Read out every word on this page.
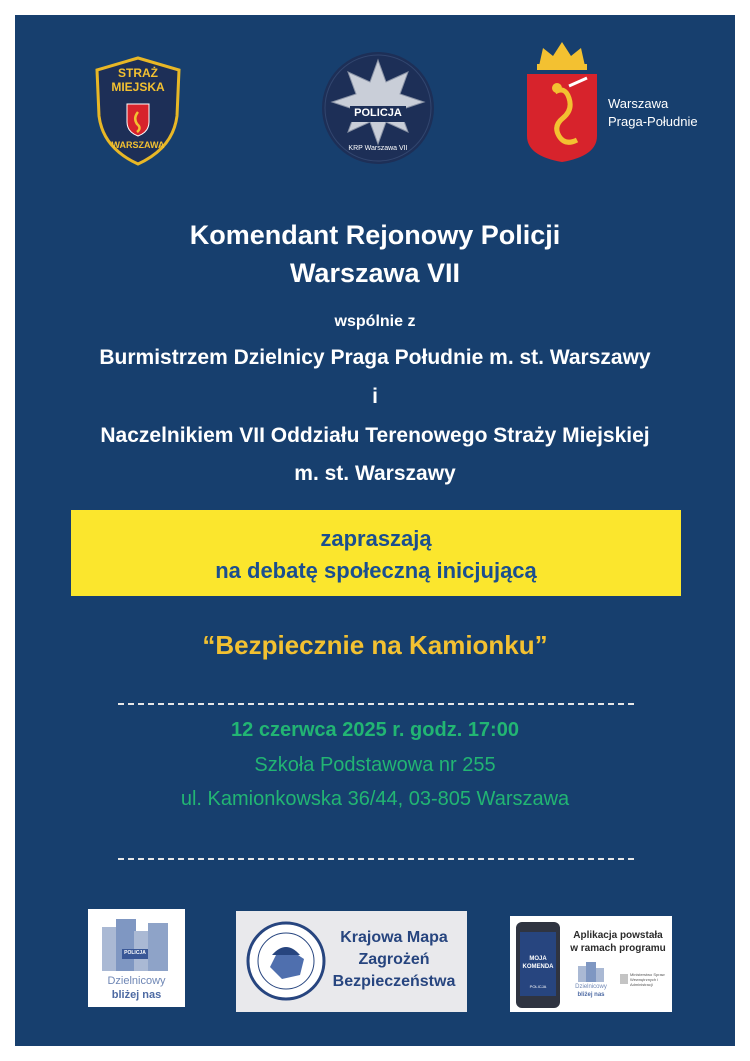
STRAŻ
MIEJSKA
WARSZAWA
POLICJA
KRP Warszawa VII
Warszawa
Praga-Południe
Komendant Rejonowy Policji
Warszawa VII
wspólnie z
Burmistrzem Dzielnicy Praga Południe m. st. Warszawy
i
Naczelnikiem VII Oddziału Terenowego Straży Miejskiej
m. st. Warszawy
zapraszają
na debatę społeczną inicjującą
“Bezpiecznie na Kamionku”
12 czerwca 2025 r. godz. 17:00
Szkoła Podstawowa nr 255
ul. Kamionkowska 36/44, 03-805 Warszawa
POLICJA
Dzielnicowy
bliżej nas
Krajowa Mapa
Zagrożeń
Bezpieczeństwa
MOJA
KOMENDA
POLICJA
Aplikacja powstała
w ramach programu
Dzielnicowy
bliżej nas
Ministerstwo Spraw Wewnętrznych i Administracji
